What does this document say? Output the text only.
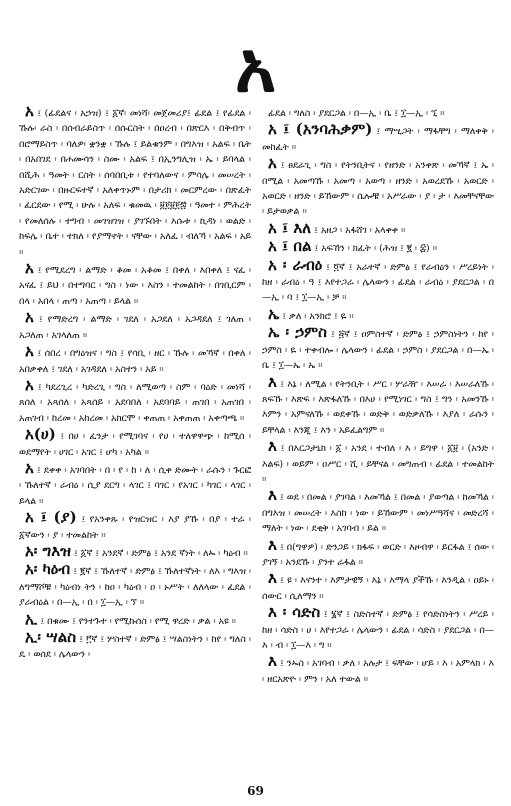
አ

አ ፤ (ፊደልና ፡ አኃዝ) ፤ ፩ኛ፡ መነሻ፡ መጀመሪያ፤ ፊደል ፤ የፊደል ፡ ኹሉ፡ ራስ ፡ በሰብራይስጥ ፡ በሱርስት ፡ በዐረብ ፡ በጽርእ ፡ በቅብጥ ፡ በሮማይስጥ ፡ ባለዎ፡ ቋንቋ ፡ ኹሉ ፤ ይልቁንም ፡ በግእዝ ፡ አልፍ ፡ ቤት ፡ በአበገደ ፡ በሐሙሳን ፡ ስሙ ፡ አልፍ ፤ በኢንግሊዝ ፡ ኤ ፡ ይባላል ፡ በሺሕ ፡ ዓመት ፡ ርስት ፡ ሰባበቢቱ ፡ የተባለውና ፡ ምሳሌ ፡ መሠረት ፡ አድርገው ፡ በዙርፍተኛ ፡ አለቀጥኑም ፡ በታሪክ ፡ መርምረው ፡ በጽፈት ፡ ፈርደው ፡ የሚ ፡ ሁሉ ፡ አለፍ ፡ ቁመዉ ፡ ፱፻፱፻፷ ፡ ዓመተ ፡ ምሕረት ፡ የመለሰሉ ፡ ተግብ ፡ መገዝገዝ ፡ ያገኙበት ፡ እሱቱ ፡ ኪዳነ ፡ ወልድ ፡ ከፍሌ ፡ ቤተ ፡ ተክለ ፡ የያማኖት ፡ ናቸው ፡ አለፈ ፡ ብለኻ ፡ አልፍ ፡ አይ ።

አ ፤ የሚደረግ ፡ ልማድ ፡ ቆመ ፡ አቆመ ፤ በቀለ ፡ እበቀለ ፤ ናፈ ፡ አናፈ ፤ ይህ ፡ በተግባር ፡ ግስ ፡ ነው ፡ እስን ፡ ተመልከት ፡ በገቢርም ፡ በላ ፡ አበላ ፡ ጠጣ ፡ አጠጣ ፡ ይላል ።

አ ፤ የማድረግ ፡ ልማድ ፡ ገደለ ፡ አጋደለ ፡ አጋዳደለ ፤ ገለጠ ፡ አጋለጠ ፡ አገላለጠ ።

አ ፤ ሰበረ ፡ በግዕዝና ፡ ግስ ፤ የሳቢ ፡ ዘር ፡ ኹሉ ፡ መኻኛ ፡ በቀለ ፡ አበቃቀለ ፤ ገደለ ፡ አገዳደለ ፡ አስተን ፡ አይ ።

አ ፤ ካደረጊረ ፡ ካድረጊ ፡ ግስ ፡ ለሚወጣ ፡ ስም ፡ ባዕድ ፡ መነሻ ፡ ጸሰለ ፡ አጻሰለ ፡ አጻሰይ ፡ አደባበለ ፡ አደባባይ ፡ ጠገበ ፡ አጠገበ ፡ አጠገብ ፡ ከረመ ፡ አከረመ ፡ አክርሞ ፡ ቀጠጠ ፡ አቀጠጠ ፡ አቀጣጫ ።

አ(ሀ) ፤ በሀ ፡ ፈንታ ፡ የሚገባና ፡ የሀ ፡ ተለዋዋጭ ፡ ከሚሰ ፡ ወደማየት ፡ ሀገር ፡ አገር ፤ ሆካ ፡ አካል ።

አ ፤ ደቀቀ ፡ አገባበት ፡ በ ፡ የ ፡ ከ ፡ ለ ፡ ሲቀ ድሙት ፡ ራሱን ፡ ጉርፎ ፡ ኹለተኛ ፡ ራብዕ ፡ ሲያ ደርግ ፡ ላገር ፤ ባገር ፡ የአገር ፡ ካገር ፡ ላገር ፡ ይላል ።

አ ፤ (ያ) ፤ የአንቀጹ ፡ የዝርዝር ፡ እያ ያኹ ፡ በያ ፡ ተራ ፡ ፩ኛውን ፡ ያ ፡ ተመልከት ።

አ፡ ግእዝ ፤ ፩ኛ ፤ አንደኛ ፡ ድምፅ ፤ አንደ ኛነት ፡ ለኡ ፡ ካዕብ ።

አ፡ ካዕብ ፤ ፪ኛ ፤ ኹለተኛ ፡ ድምፅ ፤ ኹለተኛነት ፡ ለእ ፡ ግእዝ ፡ ለግማሾቹ ፡ ካዕብነ ትን ፡ ከዐ ፡ ካዕብ ፡ ዐ ፡ ኑሥት ፡ ለለላው ፡ ፈደል ፡ ያራብዕል ፡ በ—ኢ ፡ በ ፡ ፲—ኢ ፡ ኘ ።

ኢ ፤ በቁሙ ፤ የንተጉተ ፡ የሚኩሰስ ፡ የሚ ዋረድ ፡ ቃል ፡ አዩ ።

ኢ፡ ሣልስ ፤ ፫ኛ ፤ ሦስተኛ ፡ ድምፅ ፤ ሣልስነትን ፡ ከየ ፡ ግለስ ፡ ዴ ፡ ወሰደ ፡ ሌላውን ፡

ፊደል ፡ ግለስ ፡ ያደርጋል ፡ በ—ኢ ፡ ቤ ፤ ፲—ኢ ፡ ኚ ።

አ ፤ (አንባሕቃም) ፤ ማሢጋት ፡ ማፋቸግ ፡ ማለቀቅ ፡ መከፈት ።

አ ፤ ፀደራጊ ፡ ግስ ፡ የትንቢትና ፡ የዘንድ ፡ አንቀጽ ፡ መኻኛ ፤ ኤ ፡ በሚል ፡ አመጣኹ ፡ አመጣ ፡ አወጣ ፡ ዘንድ ፡ አወረደኹ ፡ አወርድ ፡ አወርድ ፡ ዘንድ ፡ ይኸውም ፡ ሴሎቹ ፡ አሥራው ፡ ያ ፡ ታ ፡ እመቸናቸው ፡ ይታወቃል ።

አ ፤ እለ ፤ አዘጋ ፡ አፋሸገ ፡ አላቀቀ ።

አ ፤ በል ፤ አፍኸን ፡ ክፈት ፡ (ሕዝ ፤ ፪ ፡ ፰) ።

አ ፡ ራብዕ ፤ ፬ኛ ፤ አራተኛ ፡ ድምፅ ፤ የራብዕን ፡ ሥረይነት ፡ ከዘ ፡ ራብዕ ፡ ዓ ፤ እየተጋራ ፡ ሌላውን ፡ ፊደል ፡ ራብዕ ፡ ያደርጋል ፡ በ—ኢ ፡ ባ ፤ ፲—ኢ ፡ ቻ ።

ኤ ፤ ቃለ ፡ አንክሮ ፤ ዬ ።

ኤ ፡ ኃምስ ፤ ፭ኛ ፤ ዐምስተኛ ፡ ድምፅ ፤ ኃምስነትን ፡ ከየ ፡ ኃምስ ፡ ዬ ፡ ተቀብሎ ፡ ሌላውን ፡ ፊደል ፡ ኃምስ ፡ ያደርጋል ፡ በ—ኤ ፡ ቤ ፤ ፲—ኤ ፡ ኤ ።

እ ፤ እኔ ፡ ለሚል ፡ የትንቢት ፡ ሥር ፡ ሦራዥ ፡ እሠራ ፡ እሠራለኹ ፡ ጸፍኹ ፡ እጽፍ ፡ እጽፋለኹ ፡ በእሀ ፡ የሚነገር ፡ ግስ ፤ ግን ፡ አመንኹ ፡ እምን ፡ አምናለኹ ፡ ወደቀኹ ፡ ወድቅ ፡ ወድቃለኹ ፡ እያለ ፡ ራሱን ፡ ይቸላል ፡ እንጂ ፤ እን ፡ አይፈልግም ።

እ ፤ በእርጋታኒክ ፡ ፩ ፡ አንደ ፡ ተብለ ፡ እ ፡ ይግዋ ፡ ፩፱ ፡ (አንድ ፡ እልፍ) ፡ ወይም ፡ ዐሥር ፡ ሺ ፡ ይቸናል ፡ መግጠብ ፡ ፊደል ፡ ተመልከት ።

እ ፤ ወደ ፡ በመል ፡ ያገባል ፡ እመኻል ፤ በመል ፡ ያወጣል ፡ ከመኻል ፡ በግእዝ ፡ መሠረት ፡ እስከ ፡ ነው ፡ ይኸውም ፡ መነሥዓሻና ፡ መድረሻ ፡ ማለት ፡ ነው ፡ ደቂቅ ፡ አገባብ ፡ ይል ።

እ ፤ በ(ግዋዎ) ፡ ድንጋይ ፡ ክፋፍ ፡ ወርድ ፡ እዞብዋ ፡ ይርፋል ፤ ሰው ፡ ያገኝ ፡ አንደኹ ፡ ያንተ ራፋል ።

እ ፤ ዩ ፡ እናንተ ፡ እምታዊኝ ፡ እኔ ፡ እማላ ያችኹ ፡ እንዲል ፡ ዐይኑ ፡ ሰውር ፡ ሲለማን ።

እ ፡ ሳድስ ፤ ፮ኛ ፤ ስድስተኛ ፡ ድምፅ ፤ የሳድስነትን ፡ ሥረይ ፡ ከዘ ፡ ሳድስ ፡ ሀ ፡ እየተጋራ ፡ ሌላውን ፡ ፊደል ፡ ሳድስ ፡ ያደርጋል ፡ በ—እ ፡ ብ ፡ ፲—እ ፡ ግ ።

እ ፤ ንኡስ ፡ አገባብ ፡ ቃለ ፡ አሉታ ፤ ፍቸው ፡ ሆይ ፡ እ ፡ አምላክ ፡ እ ፡ ዘርአጽዮ ፡ ምን ፡ አለ ተውል ።

69
